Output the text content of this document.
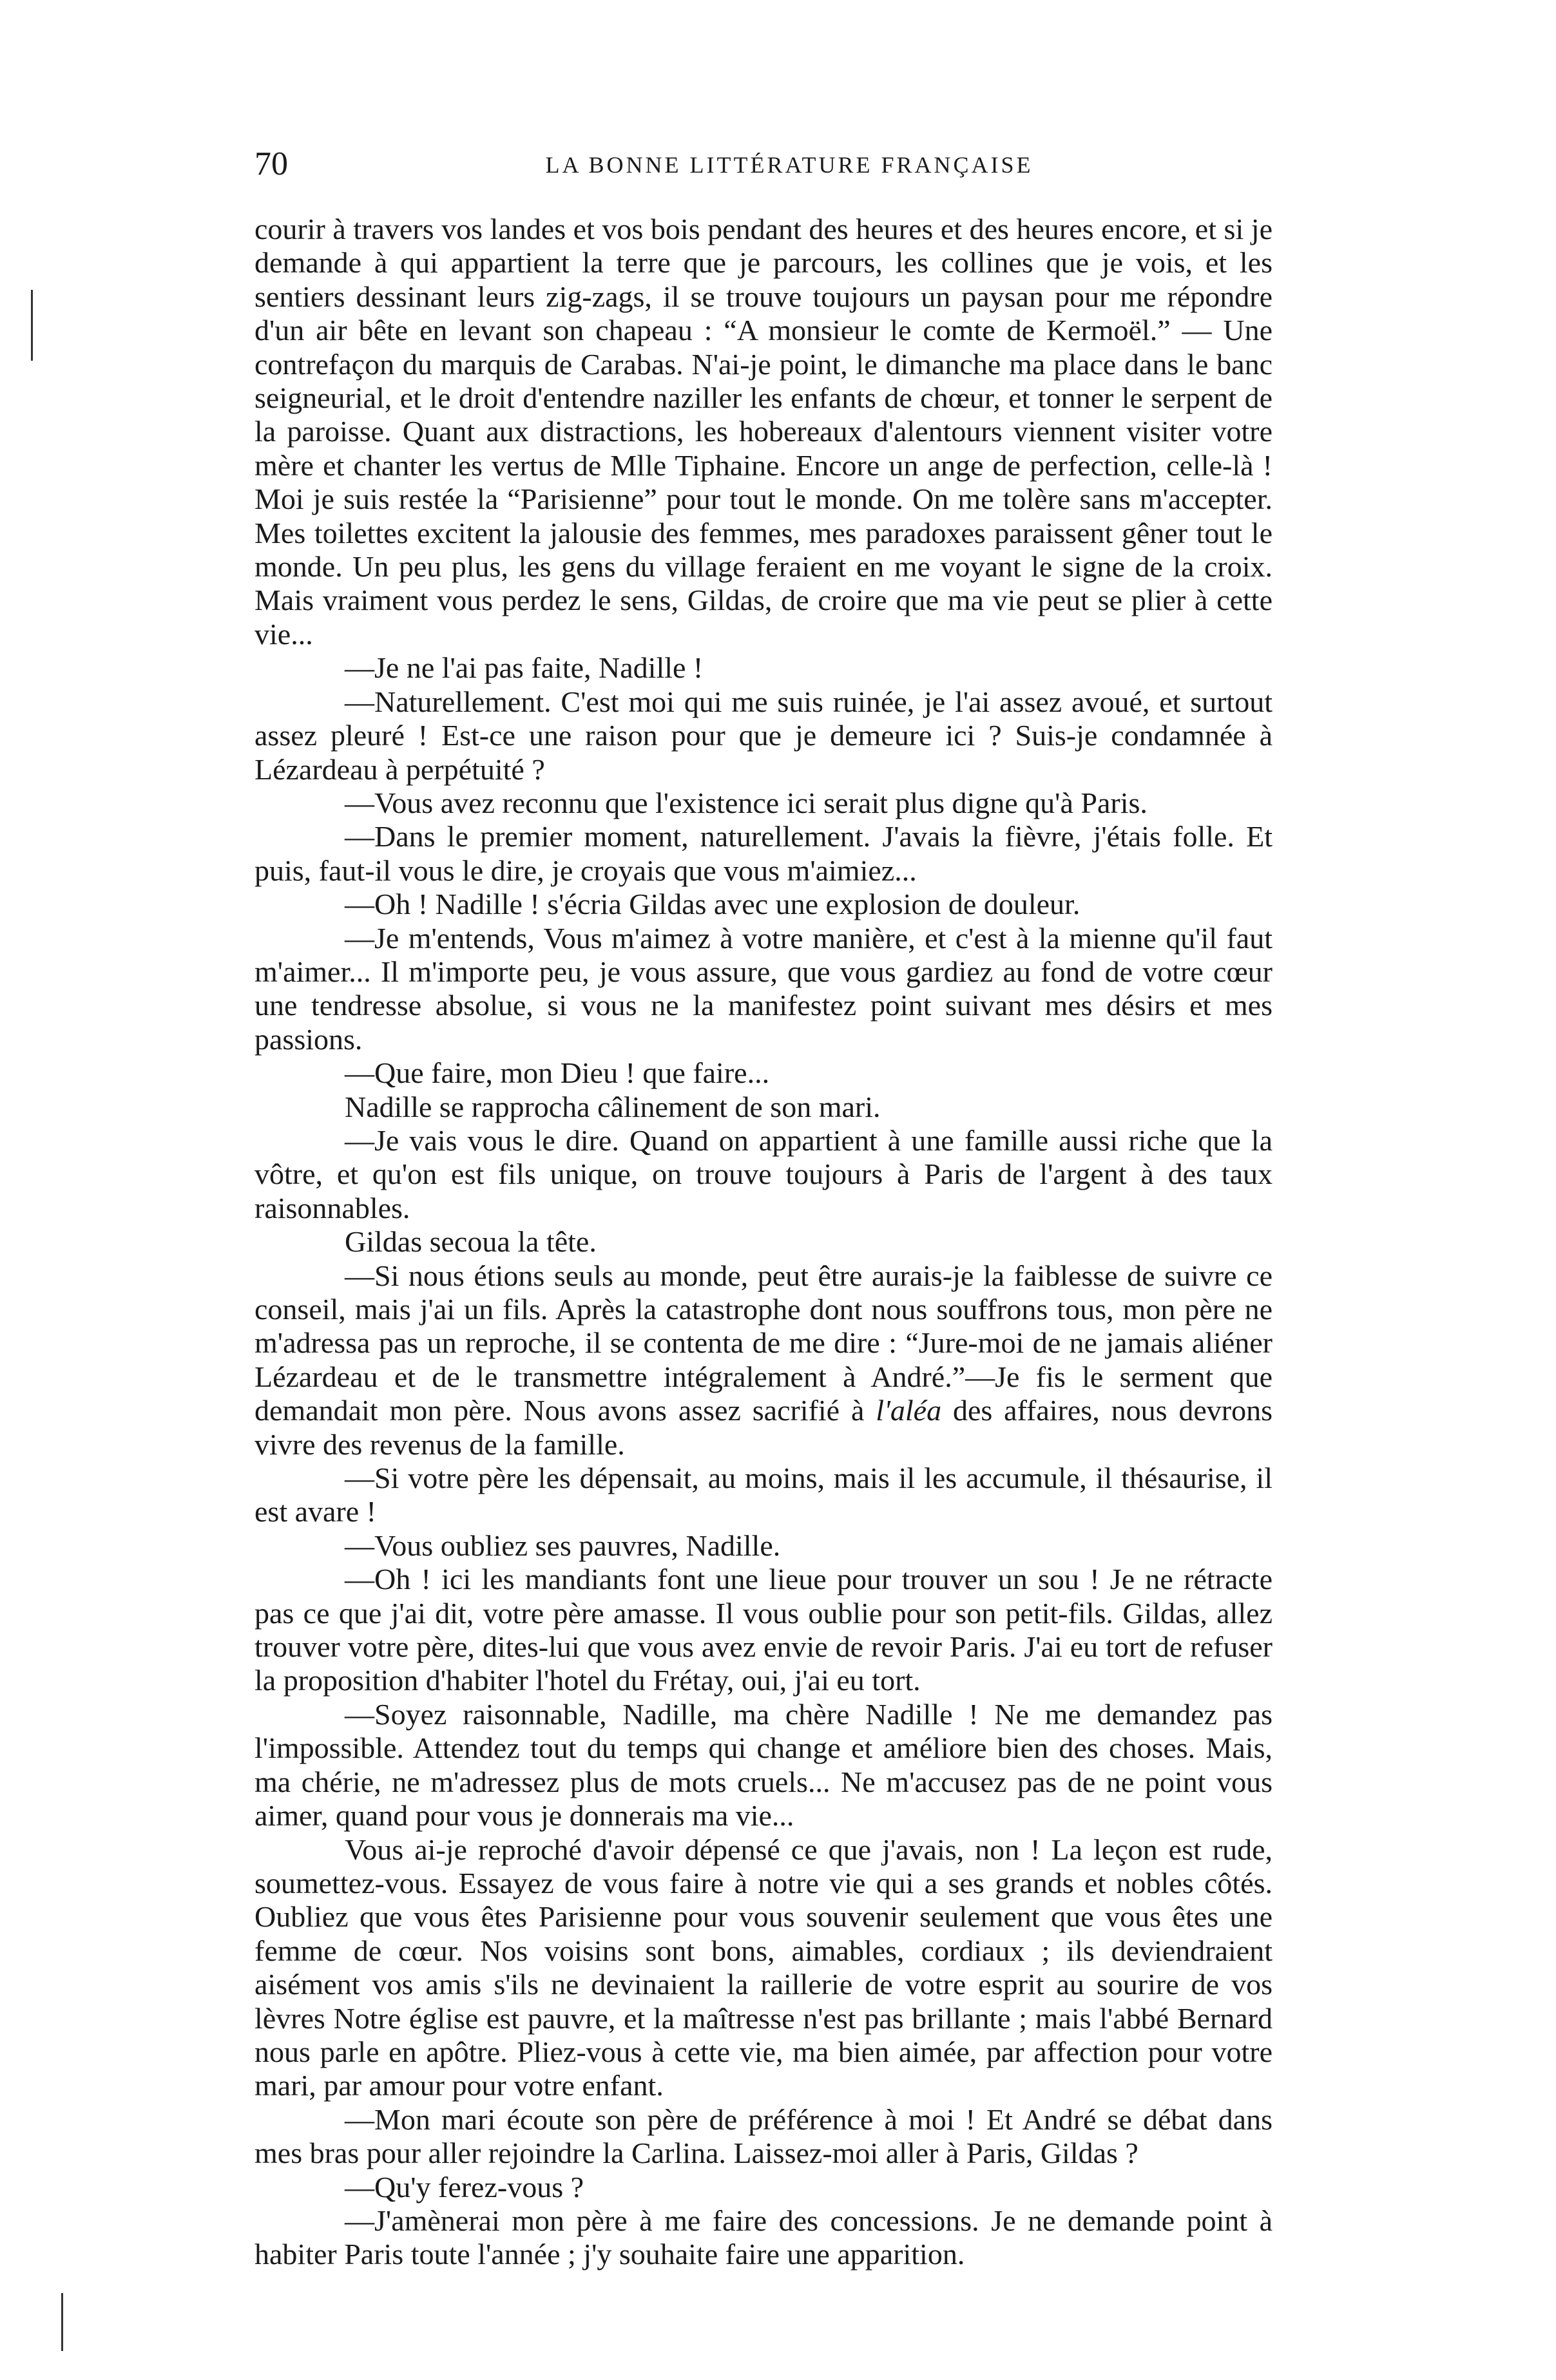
70	LA BONNE LITTÉRATURE FRANÇAISE

courir à travers vos landes et vos bois pendant des heures et des heures encore, et si je demande à qui appartient la terre que je parcours, les collines que je vois, et les sentiers dessinant leurs zig-zags, il se trouve toujours un paysan pour me répondre d'un air bête en levant son chapeau : “A monsieur le comte de Kermoël.” — Une contrefaçon du marquis de Carabas. N'ai-je point, le dimanche ma place dans le banc seigneurial, et le droit d'entendre naziller les enfants de chœur, et tonner le serpent de la paroisse. Quant aux distractions, les hobereaux d'alentours viennent visiter votre mère et chanter les vertus de Mlle Tiphaine. Encore un ange de perfection, celle-là ! Moi je suis restée la “Parisienne” pour tout le monde. On me tolère sans m'accepter. Mes toilettes excitent la jalousie des femmes, mes paradoxes paraissent gêner tout le monde. Un peu plus, les gens du village feraient en me voyant le signe de la croix. Mais vraiment vous perdez le sens, Gildas, de croire que ma vie peut se plier à cette vie...

—Je ne l'ai pas faite, Nadille !

—Naturellement. C'est moi qui me suis ruinée, je l'ai assez avoué, et surtout assez pleuré ! Est-ce une raison pour que je demeure ici ? Suis-je condamnée à Lézardeau à perpétuité ?

—Vous avez reconnu que l'existence ici serait plus digne qu'à Paris.

—Dans le premier moment, naturellement. J'avais la fièvre, j'étais folle. Et puis, faut-il vous le dire, je croyais que vous m'aimiez...

—Oh ! Nadille ! s'écria Gildas avec une explosion de douleur.

—Je m'entends, Vous m'aimez à votre manière, et c'est à la mienne qu'il faut m'aimer... Il m'importe peu, je vous assure, que vous gardiez au fond de votre cœur une tendresse absolue, si vous ne la manifestez point suivant mes désirs et mes passions.

—Que faire, mon Dieu ! que faire...

Nadille se rapprocha câlinement de son mari.

—Je vais vous le dire. Quand on appartient à une famille aussi riche que la vôtre, et qu'on est fils unique, on trouve toujours à Paris de l'argent à des taux raisonnables.

Gildas secoua la tête.

—Si nous étions seuls au monde, peut être aurais-je la faiblesse de suivre ce conseil, mais j'ai un fils. Après la catastrophe dont nous souffrons tous, mon père ne m'adressa pas un reproche, il se contenta de me dire : “Jure-moi de ne jamais aliéner Lézardeau et de le transmettre intégralement à André.”—Je fis le serment que demandait mon père. Nous avons assez sacrifié à l'aléa des affaires, nous devrons vivre des revenus de la famille.

—Si votre père les dépensait, au moins, mais il les accumule, il thésaurise, il est avare !

—Vous oubliez ses pauvres, Nadille.

—Oh ! ici les mandiants font une lieue pour trouver un sou ! Je ne rétracte pas ce que j'ai dit, votre père amasse. Il vous oublie pour son petit-fils. Gildas, allez trouver votre père, dites-lui que vous avez envie de revoir Paris. J'ai eu tort de refuser la proposition d'habiter l'hotel du Frétay, oui, j'ai eu tort.

—Soyez raisonnable, Nadille, ma chère Nadille ! Ne me demandez pas l'impossible. Attendez tout du temps qui change et améliore bien des choses. Mais, ma chérie, ne m'adressez plus de mots cruels... Ne m'accusez pas de ne point vous aimer, quand pour vous je donnerais ma vie...

Vous ai-je reproché d'avoir dépensé ce que j'avais, non ! La leçon est rude, soumettez-vous. Essayez de vous faire à notre vie qui a ses grands et nobles côtés. Oubliez que vous êtes Parisienne pour vous souvenir seulement que vous êtes une femme de cœur. Nos voisins sont bons, aimables, cordiaux ; ils deviendraient aisément vos amis s'ils ne devinaient la raillerie de votre esprit au sourire de vos lèvres Notre église est pauvre, et la maîtresse n'est pas brillante ; mais l'abbé Bernard nous parle en apôtre. Pliez-vous à cette vie, ma bien aimée, par affection pour votre mari, par amour pour votre enfant.

—Mon mari écoute son père de préférence à moi ! Et André se débat dans mes bras pour aller rejoindre la Carlina. Laissez-moi aller à Paris, Gildas ?

—Qu'y ferez-vous ?

—J'amènerai mon père à me faire des concessions. Je ne demande point à habiter Paris toute l'année ; j'y souhaite faire une apparition.
